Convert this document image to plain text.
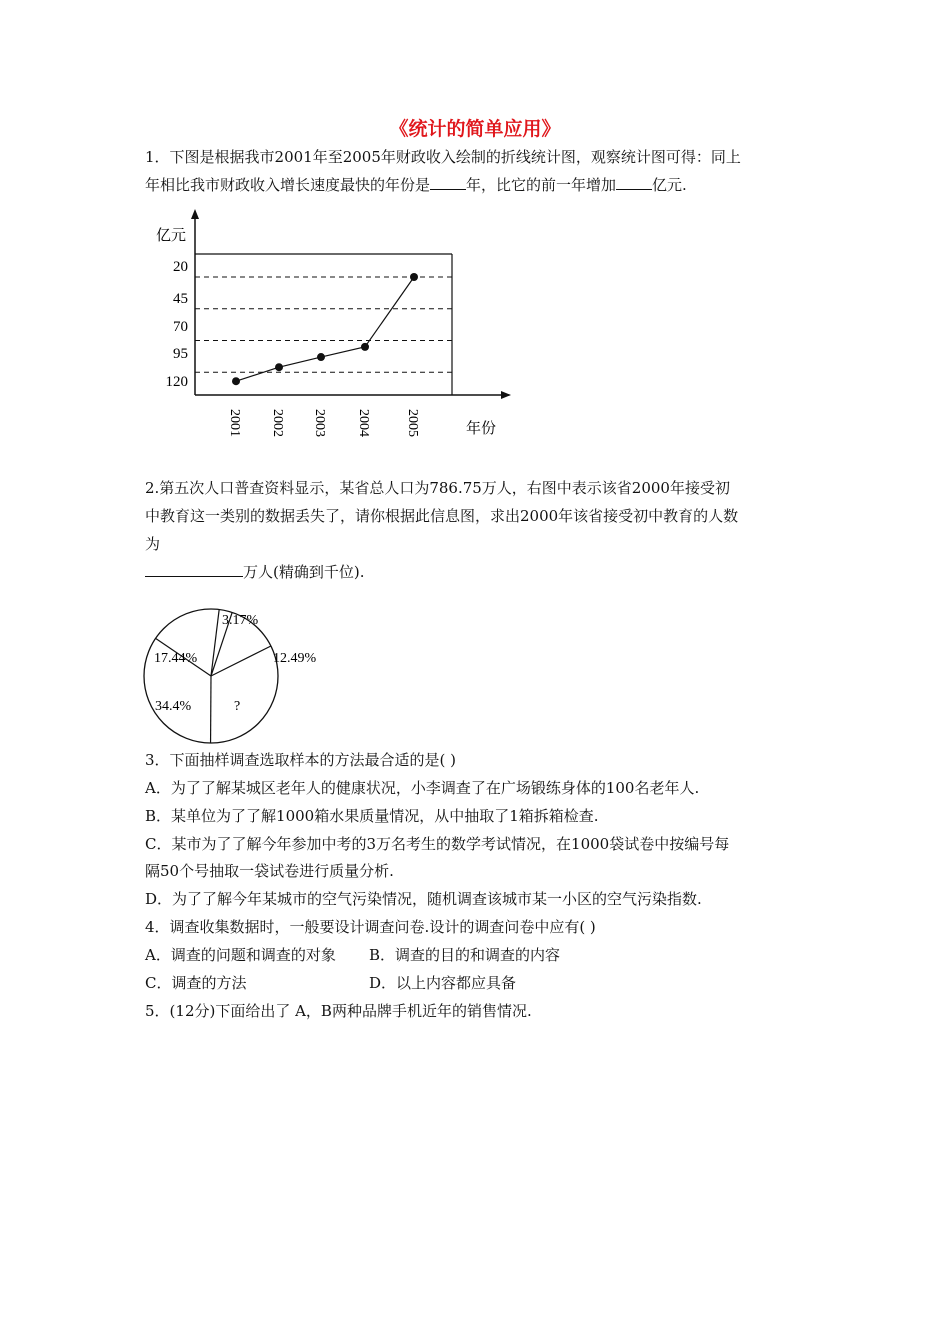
《统计的简单应用》
1．下图是根据我市2001年至2005年财政收入绘制的折线统计图，观察统计图可得：同上
年相比我市财政收入增长速度最快的年份是 年，比它的前一年增加 亿元.
20
45
70
95
120
2001 2002 2003 2004 2005
亿元
年份
2.第五次人口普查资料显示，某省总人口为786.75万人，右图中表示该省2000年接受初
中教育这一类别的数据丢失了，请你根据此信息图，求出2000年该省接受初中教育的人数
为
万人(精确到千位).
3.17%
12.49%
?
34.4%
17.44%
3．下面抽样调查选取样本的方法最合适的是( )
A．为了了解某城区老年人的健康状况，小李调查了在广场锻练身体的100名老年人.
B．某单位为了了解1000箱水果质量情况，从中抽取了1箱拆箱检查.
C．某市为了了解今年参加中考的3万名考生的数学考试情况，在1000袋试卷中按编号每
隔50个号抽取一袋试卷进行质量分析.
D．为了了解今年某城市的空气污染情况，随机调查该城市某一小区的空气污染指数.
4．调查收集数据时，一般要设计调查问卷.设计的调查问卷中应有( )
A．调查的问题和调查的对象 B．调查的目的和调查的内容
C．调查的方法	D．以上内容都应具备
5．(12分)下面给出了 A，B两种品牌手机近年的销售情况.
